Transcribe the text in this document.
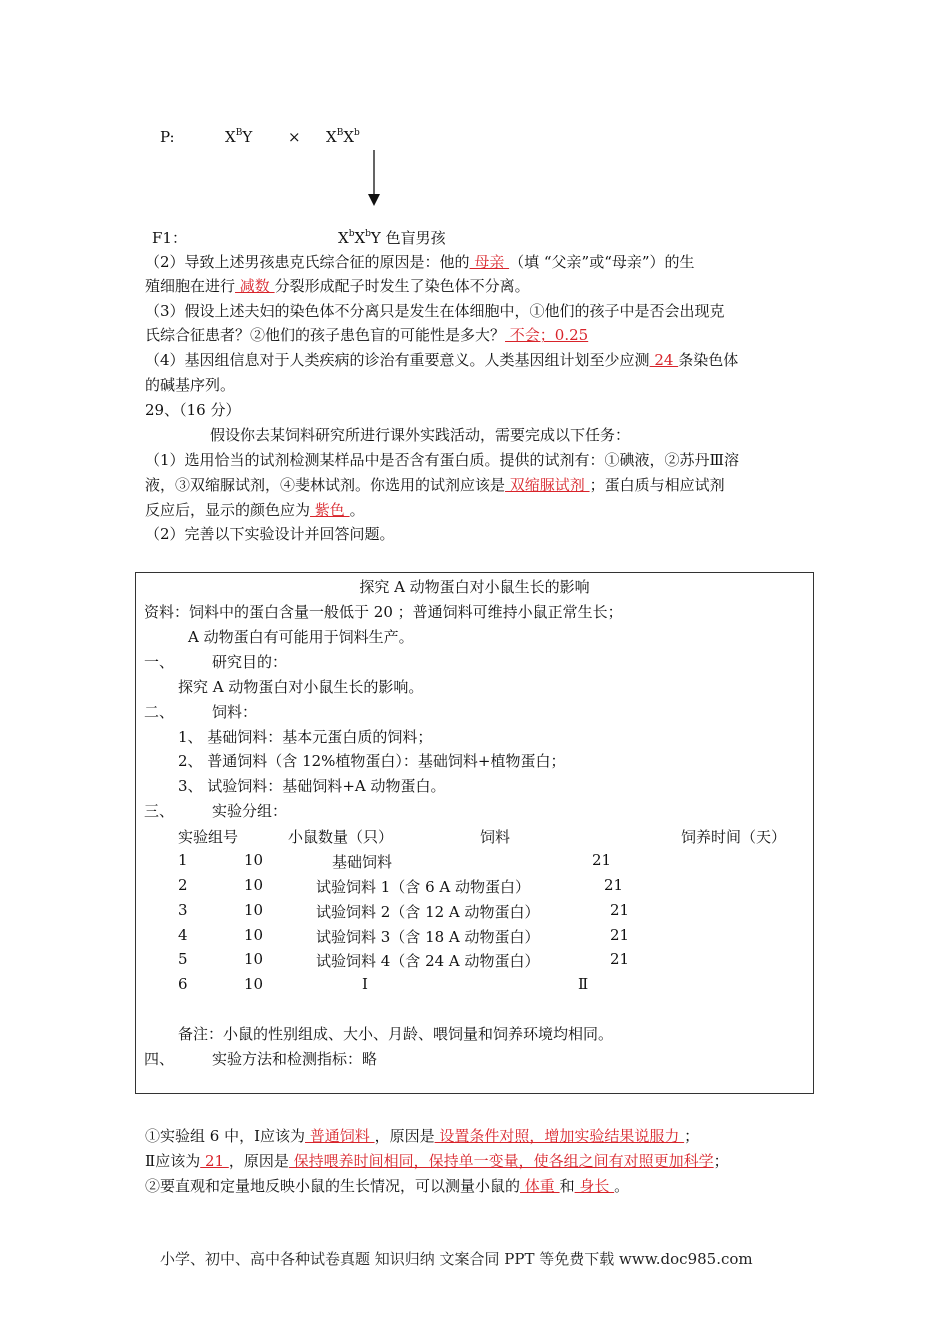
P:	$X^BY \times X^BX^b$
F1：	$X^bX^bY$ 色盲男孩
（2）导致上述男孩患克氏综合征的原因是：他的 母亲 （填 “父亲”或“母亲”）的生
殖细胞在进行 减数 分裂形成配子时发生了染色体不分离。
（3）假设上述夫妇的染色体不分离只是发生在体细胞中，①他们的孩子中是否会出现克
氏综合征患者？②他们的孩子患色盲的可能性是多大？ 不会；0.25
（4）基因组信息对于人类疾病的诊治有重要意义。人类基因组计划至少应测 24 条染色体
的碱基序列。
29、（16 分）
假设你去某饲料研究所进行课外实践活动，需要完成以下任务：
（1）选用恰当的试剂检测某样品中是否含有蛋白质。提供的试剂有：①碘液，②苏丹Ⅲ溶
液，③双缩脲试剂，④斐林试剂。你选用的试剂应该是 双缩脲试剂 ；蛋白质与相应试剂
反应后，显示的颜色应为 紫色 。
（2）完善以下实验设计并回答问题。
探究 A 动物蛋白对小鼠生长的影响
资料：饲料中的蛋白含量一般低于 20 ；普通饲料可维持小鼠正常生长；
A 动物蛋白有可能用于饲料生产。
一、	研究目的：
探究 A 动物蛋白对小鼠生长的影响。
二、	饲料：
1、 基础饲料：基本元蛋白质的饲料；
2、 普通饲料（含 12%植物蛋白）：基础饲料+植物蛋白；
3、 试验饲料：基础饲料+A 动物蛋白。
三、	实验分组：
实验组号	小鼠数量（只）	饲料	饲养时间（天）
1	10	基础饲料	21
2	10	试验饲料 1（含 6 A 动物蛋白）	21
3	10	试验饲料 2（含 12 A 动物蛋白）	21
4	10	试验饲料 3（含 18 A 动物蛋白）	21
5	10	试验饲料 4（含 24 A 动物蛋白）	21
6	10	Ⅰ	Ⅱ
备注：小鼠的性别组成、大小、月龄、喂饲量和饲养环境均相同。
四、	实验方法和检测指标：略
①实验组 6 中，Ⅰ应该为 普通饲料 ，原因是 设置条件对照，增加实验结果说服力 ；
Ⅱ应该为 21 ，原因是 保持喂养时间相同，保持单一变量，使各组之间有对照更加科学；
②要直观和定量地反映小鼠的生长情况，可以测量小鼠的 体重 和 身长 。
小学、初中、高中各种试卷真题 知识归纳 文案合同 PPT 等免费下载 www.doc985.com
